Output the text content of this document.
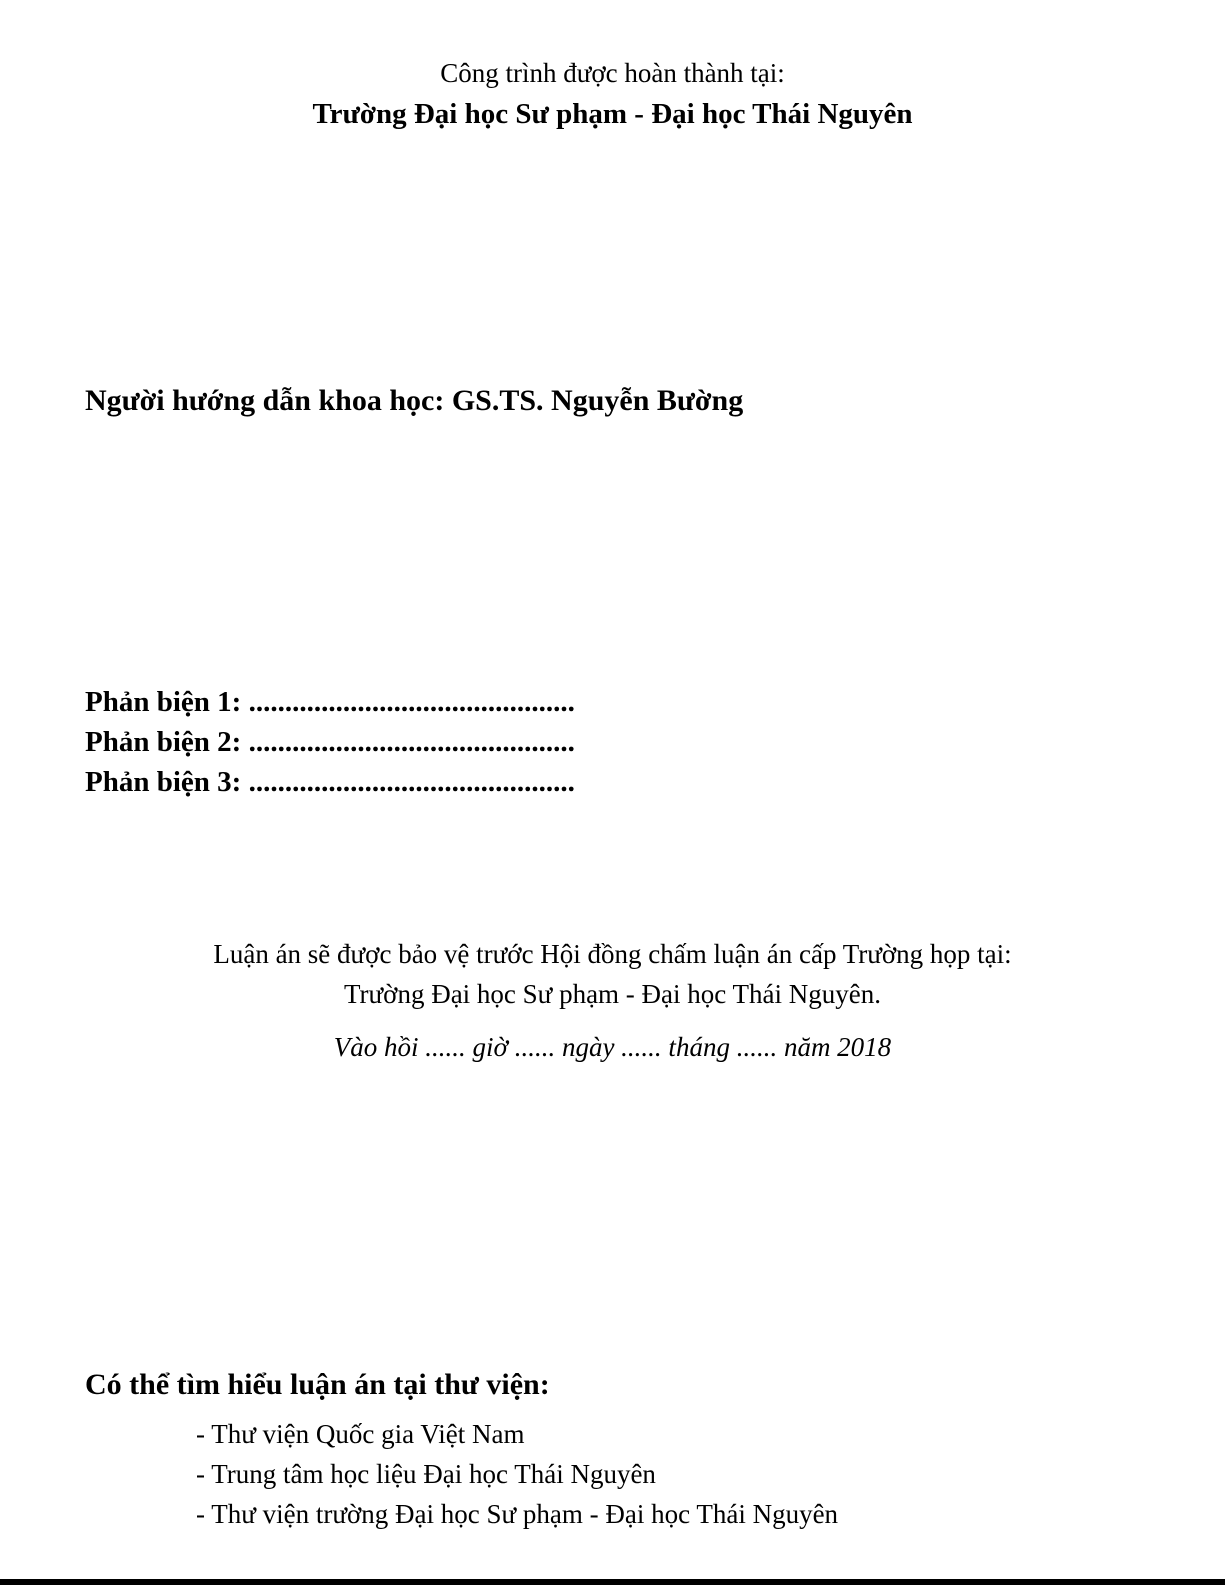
Công trình được hoàn thành tại:
Trường Đại học Sư phạm - Đại học Thái Nguyên
Người hướng dẫn khoa học: GS.TS. Nguyễn Bường
Phản biện 1: .............................................
Phản biện 2: .............................................
Phản biện 3: .............................................
Luận án sẽ được bảo vệ trước Hội đồng chấm luận án cấp Trường họp tại:
Trường Đại học Sư phạm - Đại học Thái Nguyên.
Vào hồi ...... giờ ...... ngày ...... tháng ...... năm 2018
Có thể tìm hiểu luận án tại thư viện:
- Thư viện Quốc gia Việt Nam
- Trung tâm học liệu Đại học Thái Nguyên
- Thư viện trường Đại học Sư phạm - Đại học Thái Nguyên
